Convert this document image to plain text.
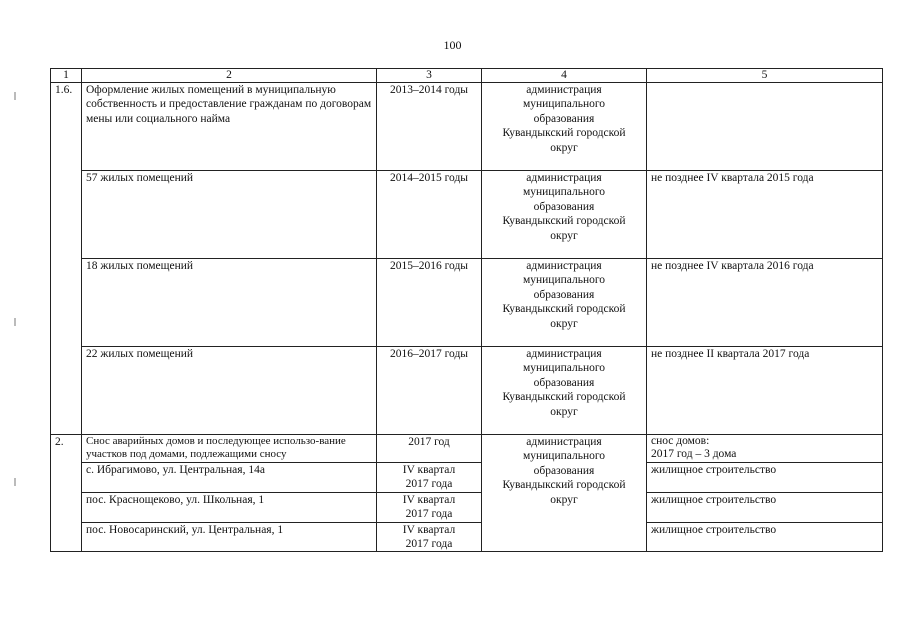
100
1	2	3	4	5
1.6.	Оформление жилых помещений в муниципальную собственность и предоставление гражданам по договорам мены или социального найма	2013–2014 годы	администрация
муниципального
образования
Кувандыкский городской
округ	
	57 жилых помещений	2014–2015 годы	администрация
муниципального
образования
Кувандыкский городской
округ	не позднее IV квартала 2015 года
	18 жилых помещений	2015–2016 годы	администрация
муниципального
образования
Кувандыкский городской
округ	не позднее IV квартала 2016 года
	22 жилых помещений	2016–2017 годы	администрация
муниципального
образования
Кувандыкский городской
округ	не позднее II квартала 2017 года
2.	Снос аварийных домов и последующее использо-вание участков под домами, подлежащими сносу	2017 год	администрация
муниципального
образования
Кувандыкский городской
округ	снос домов:
2017 год – 3 дома
	с. Ибрагимово, ул. Центральная, 14а	IV квартал
2017 года		жилищное строительство
	пос. Краснощеково, ул. Школьная, 1	IV квартал
2017 года		жилищное строительство
	пос. Новосаринский, ул. Центральная, 1	IV квартал
2017 года		жилищное строительство
